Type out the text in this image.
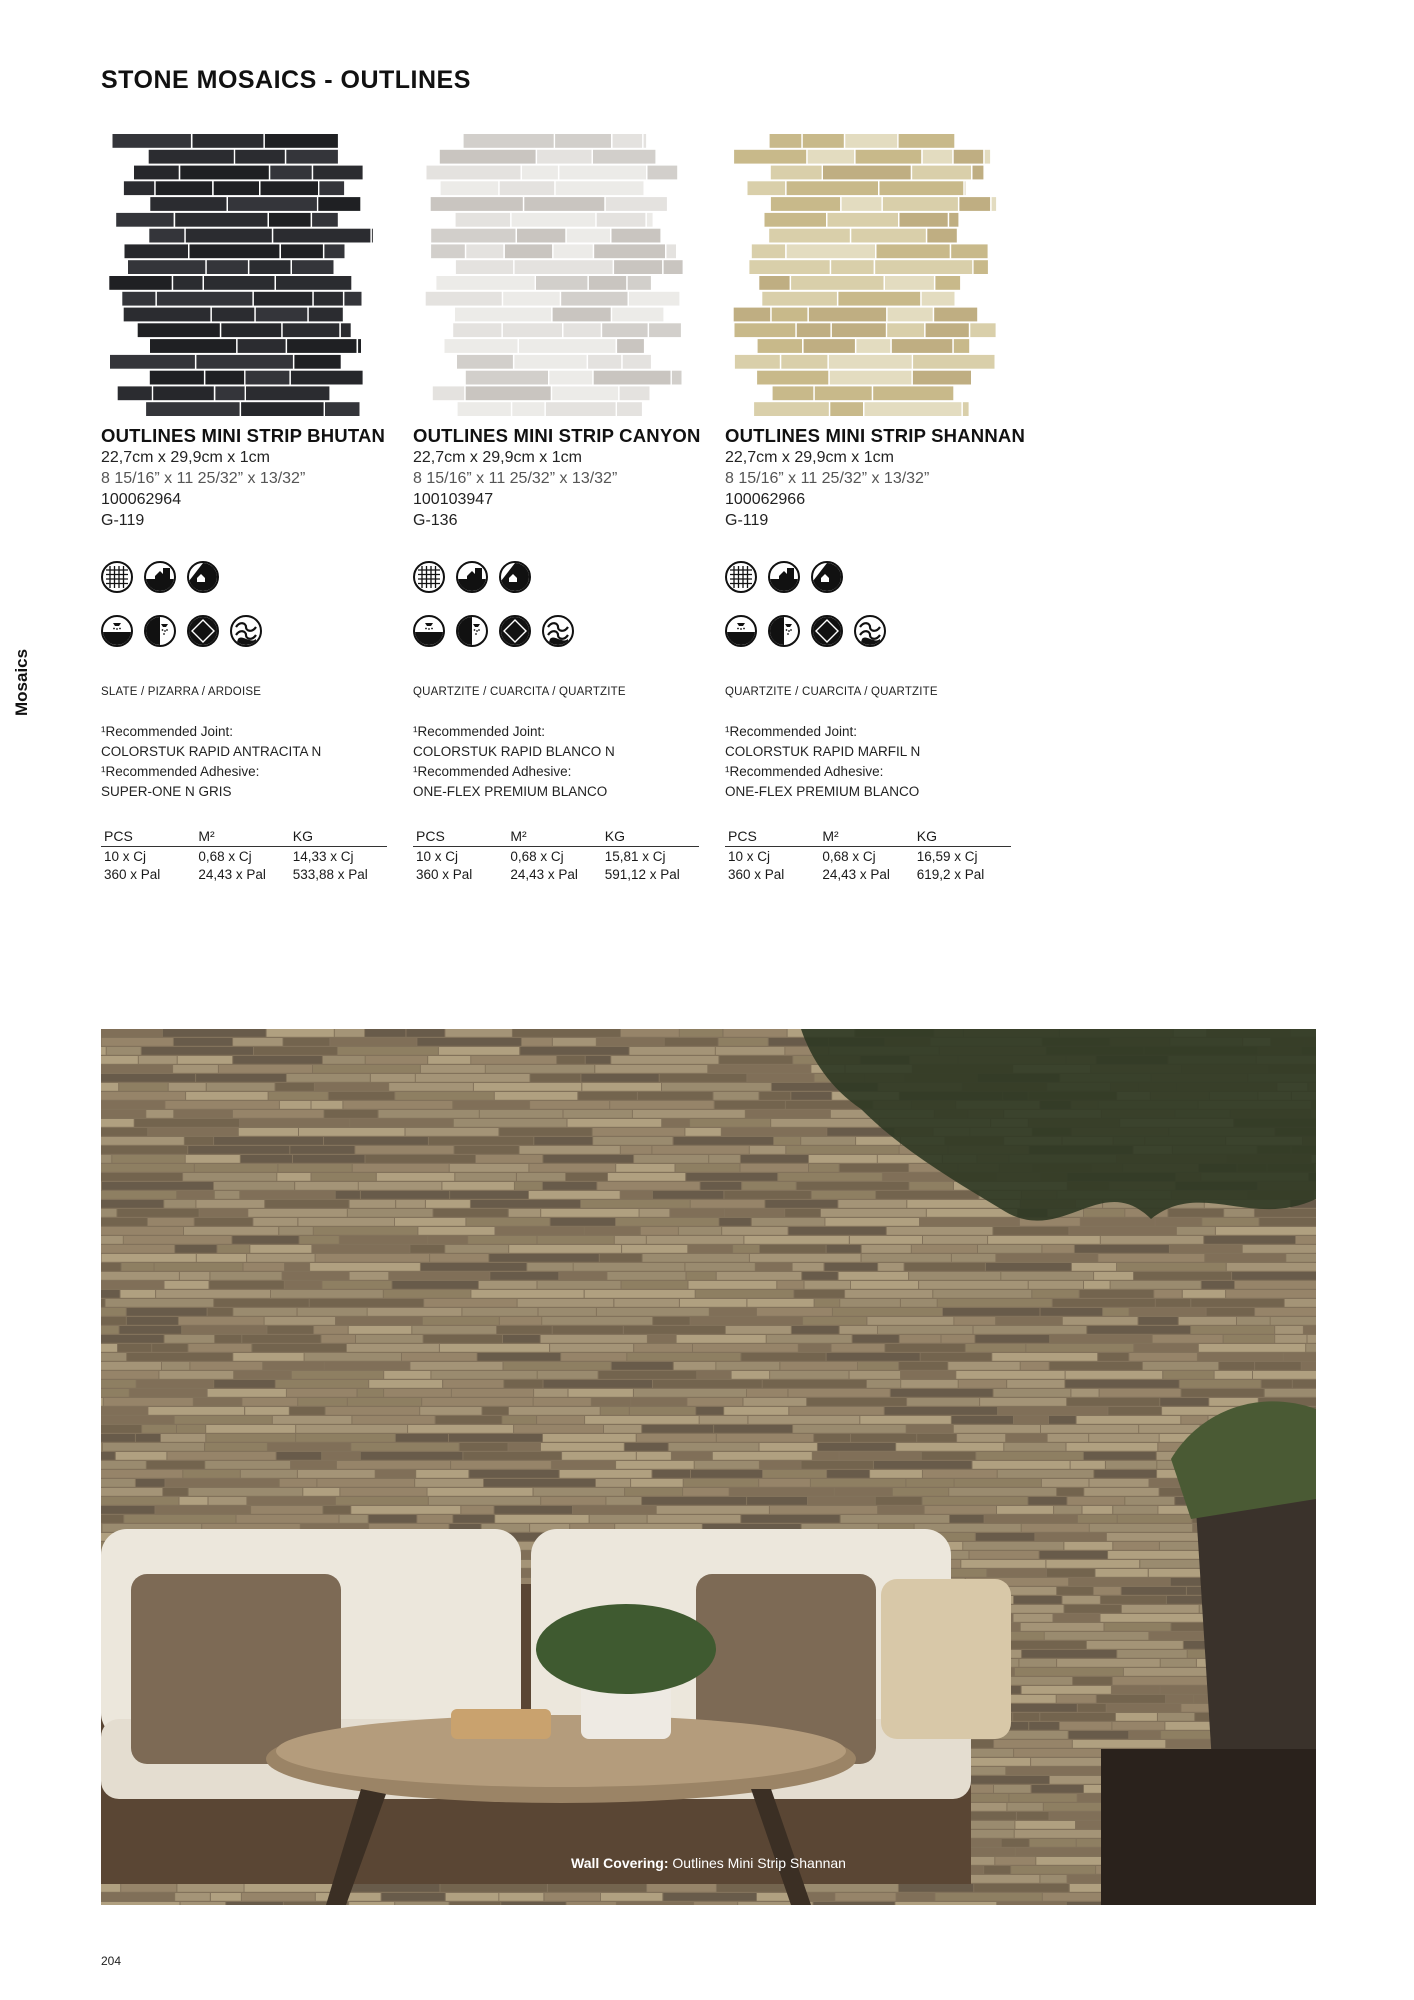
STONE MOSAICS - OUTLINES
Mosaics
OUTLINES MINI STRIP BHUTAN
22,7cm x 29,9cm x 1cm
8 15/16” x 11 25/32” x 13/32”
100062964
G-119
SLATE / PIZARRA / ARDOISE
¹Recommended Joint:
COLORSTUK RAPID ANTRACITA N
¹Recommended Adhesive:
SUPER-ONE N GRIS
PCS	M²	KG
10 x Cj	0,68 x Cj	14,33 x Cj
360 x Pal	24,43 x Pal	533,88 x Pal
OUTLINES MINI STRIP CANYON
22,7cm x 29,9cm x 1cm
8 15/16” x 11 25/32” x 13/32”
100103947
G-136
QUARTZITE / CUARCITA / QUARTZITE
¹Recommended Joint:
COLORSTUK RAPID BLANCO N
¹Recommended Adhesive:
ONE-FLEX PREMIUM BLANCO
PCS	M²	KG
10 x Cj	0,68 x Cj	15,81 x Cj
360 x Pal	24,43 x Pal	591,12 x Pal
OUTLINES MINI STRIP SHANNAN
22,7cm x 29,9cm x 1cm
8 15/16” x 11 25/32” x 13/32”
100062966
G-119
QUARTZITE / CUARCITA / QUARTZITE
¹Recommended Joint:
COLORSTUK RAPID MARFIL N
¹Recommended Adhesive:
ONE-FLEX PREMIUM BLANCO
PCS	M²	KG
10 x Cj	0,68 x Cj	16,59 x Cj
360 x Pal	24,43 x Pal	619,2 x Pal
Wall Covering: Outlines Mini Strip Shannan
204
